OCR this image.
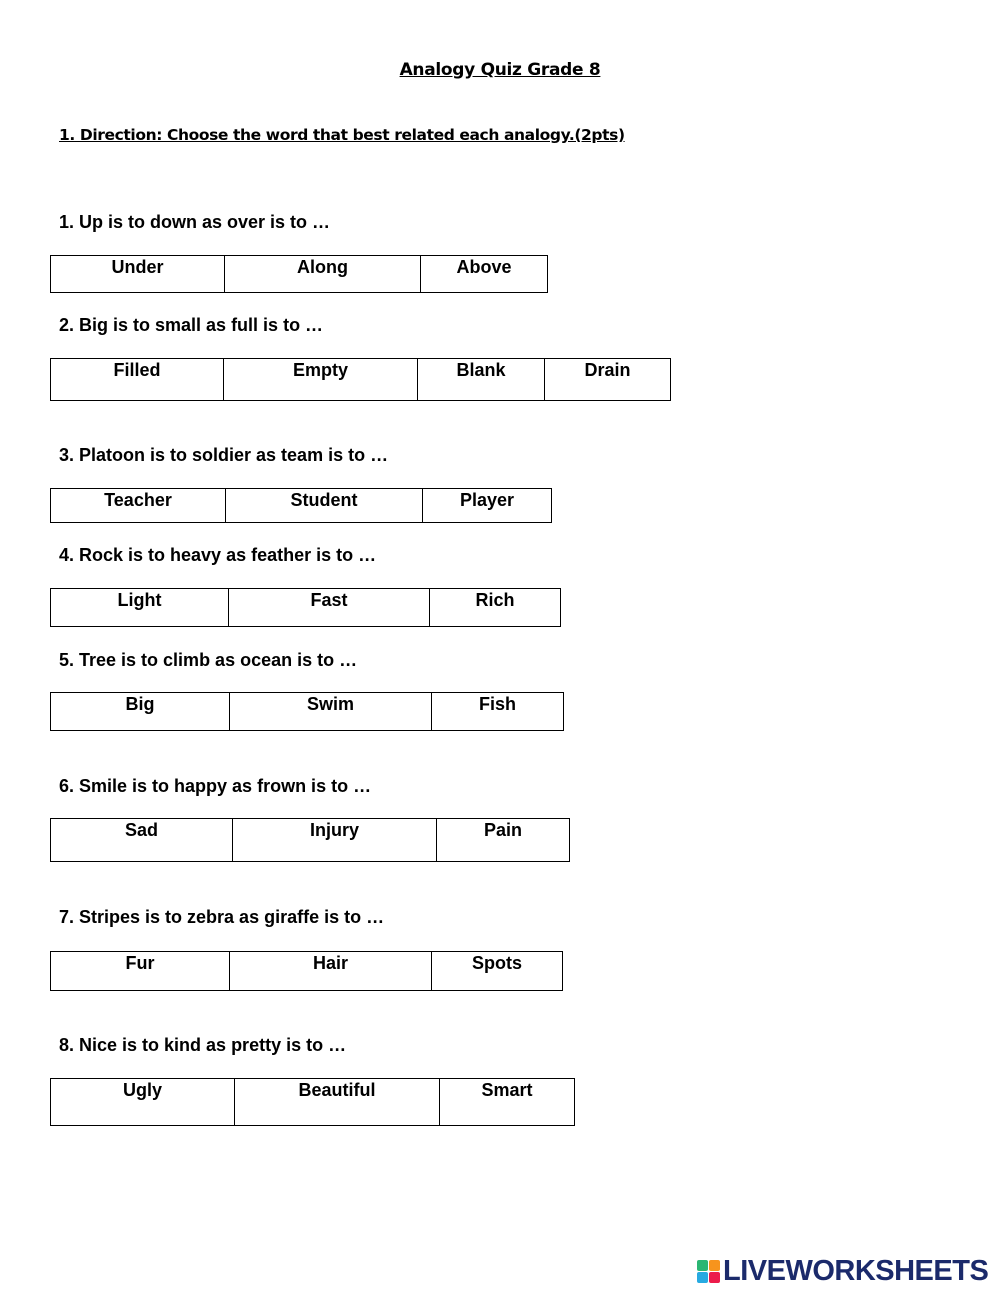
Analogy Quiz Grade 8
1. Direction: Choose the word that best related each analogy.(2pts)
1. Up is to down as over is to …
Under	Along	Above
2. Big is to small as full is to …
Filled	Empty	Blank	Drain
3. Platoon is to soldier as team is to …
Teacher	Student	Player
4. Rock is to heavy as feather is to …
Light	Fast	Rich
5. Tree is to climb as ocean is to …
Big	Swim	Fish
6. Smile is to happy as frown is to …
Sad	Injury	Pain
7. Stripes is to zebra as giraffe is to …
Fur	Hair	Spots
8. Nice is to kind as pretty is to …
Ugly	Beautiful	Smart
LIVEWORKSHEETS
